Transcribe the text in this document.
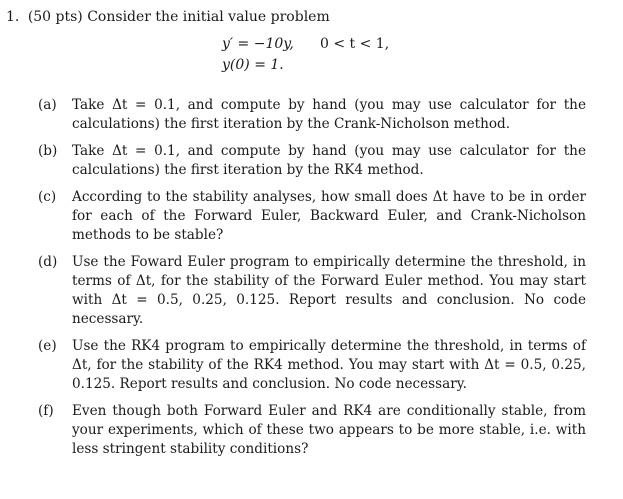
1. (50 pts) Consider the initial value problem
y′ = −10y, 0 < t < 1,
y(0) = 1.
(a)	Take Δt = 0.1, and compute by hand (you may use calculator for the calculations) the first iteration by the Crank-Nicholson method.
(b)	Take Δt = 0.1, and compute by hand (you may use calculator for the calculations) the first iteration by the RK4 method.
(c)	According to the stability analyses, how small does Δt have to be in order for each of the Forward Euler, Backward Euler, and Crank-Nicholson methods to be stable?
(d)	Use the Foward Euler program to empirically determine the threshold, in terms of Δt, for the stability of the Forward Euler method. You may start with Δt = 0.5, 0.25, 0.125. Report results and conclusion. No code necessary.
(e)	Use the RK4 program to empirically determine the threshold, in terms of Δt, for the stability of the RK4 method. You may start with Δt = 0.5, 0.25, 0.125. Report results and conclusion. No code necessary.
(f)	Even though both Forward Euler and RK4 are conditionally stable, from your experiments, which of these two appears to be more stable, i.e. with less stringent stability conditions?
